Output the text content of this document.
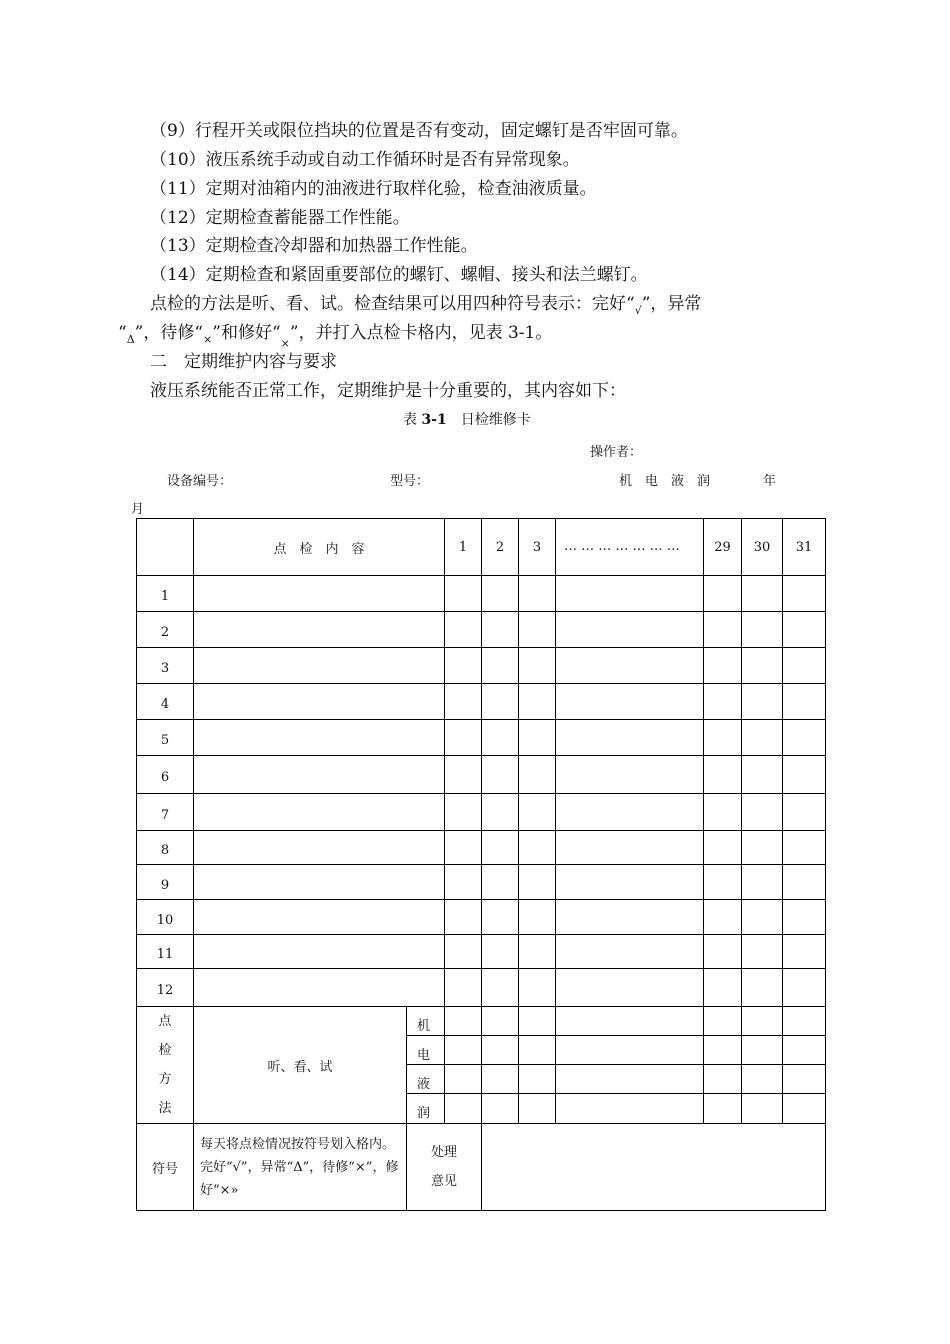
（9）行程开关或限位挡块的位置是否有变动，固定螺钉是否牢固可靠。
（10）液压系统手动或自动工作循环时是否有异常现象。
（11）定期对油箱内的油液进行取样化验，检查油液质量。
（12）定期检查蓄能器工作性能。
（13）定期检查冷却器和加热器工作性能。
（14）定期检查和紧固重要部位的螺钉、螺帽、接头和法兰螺钉。
点检的方法是听、看、试。检查结果可以用四种符号表示：完好“$_√$”，异常
“$_\Delta$”，待修“$_\times$”和修好“$_\times$”，并打入点检卡格内，见表 3-1。
二　定期维护内容与要求
液压系统能否正常工作，定期维护是十分重要的，其内容如下：
表 3-1　 日检维修卡
操作者：
设备编号：	型号：	机　电　液　润	年
月
	点　检　内　容		1	2	3	… … … … … … …	29	30	31
1									
2									
3									
4									
5									
6									
7									
8									
9									
10									
11									
12									

点
检
方
法	听、看、试	机							
		电							
		液							
		润							
符号	每天将点检情况按符号划入格内。完好“√”，异常“Δ”，待修“×”，修好“×»	处理
意见							
